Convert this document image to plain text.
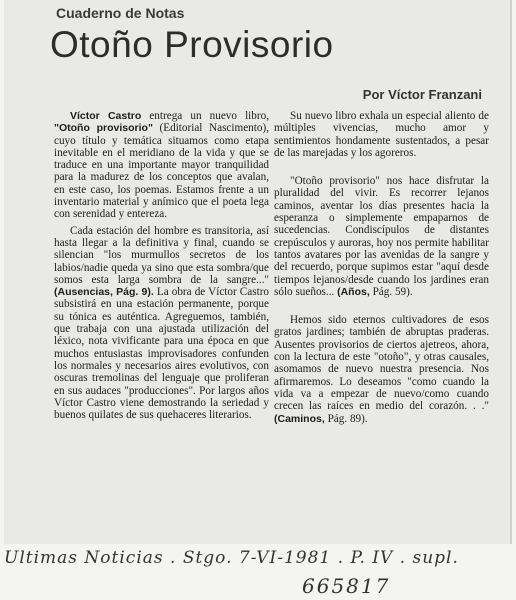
Cuaderno de Notas
Otoño Provisorio
Por Víctor Franzani

Víctor Castro entrega un nuevo libro, "Otoño provisorio" (Editorial Nascimento), cuyo título y temática situamos como etapa inevitable en el meridiano de la vida y que se traduce en una importante mayor tranquilidad para la madurez de los conceptos que avalan, en este caso, los poemas. Estamos frente a un inventario material y anímico que el poeta lega con serenidad y entereza.

Cada estación del hombre es transitoria, así hasta llegar a la definitiva y final, cuando se silencian "los murmullos secretos de los labios/nadie queda ya sino que esta sombra/que somos esta larga sombra de la sangre..." (Ausencias, Pág. 9). La obra de Víctor Castro subsistirá en una estación permanente, porque su tónica es auténtica. Agreguemos, también, que trabaja con una ajustada utilización del léxico, nota vivificante para una época en que muchos entusiastas improvisadores confunden los normales y necesarios aires evolutivos, con oscuras tremolinas del lenguaje que proliferan en sus audaces "producciones". Por largos años Víctor Castro viene demostrando la seriedad y buenos quilates de sus quehaceres literarios.

Su nuevo libro exhala un especial aliento de múltiples vivencias, mucho amor y sentimientos hondamente sustentados, a pesar de las marejadas y los agoreros.

"Otoño provisorio" nos hace disfrutar la pluralidad del vivir. Es recorrer lejanos caminos, aventar los días presentes hacia la esperanza o simplemente empaparnos de sucedencias. Condiscípulos de distantes crepúsculos y auroras, hoy nos permite habilitar tantos avatares por las avenidas de la sangre y del recuerdo, porque supimos estar "aquí desde tiempos lejanos/desde cuando los jardines eran sólo sueños... (Años, Pág. 59).

Hemos sido eternos cultivadores de esos gratos jardines; también de abruptas praderas. Ausentes provisorios de ciertos ajetreos, ahora, con la lectura de este "otoño", y otras causales, asomamos de nuevo nuestra presencia. Nos afirmaremos. Lo deseamos "como cuando la vida va a empezar de nuevo/como cuando crecen las raíces en medio del corazón. . ." (Caminos, Pág. 89).

Ultimas Noticias . Stgo. 7-VI-1981 . P. IV . supl.
665817
